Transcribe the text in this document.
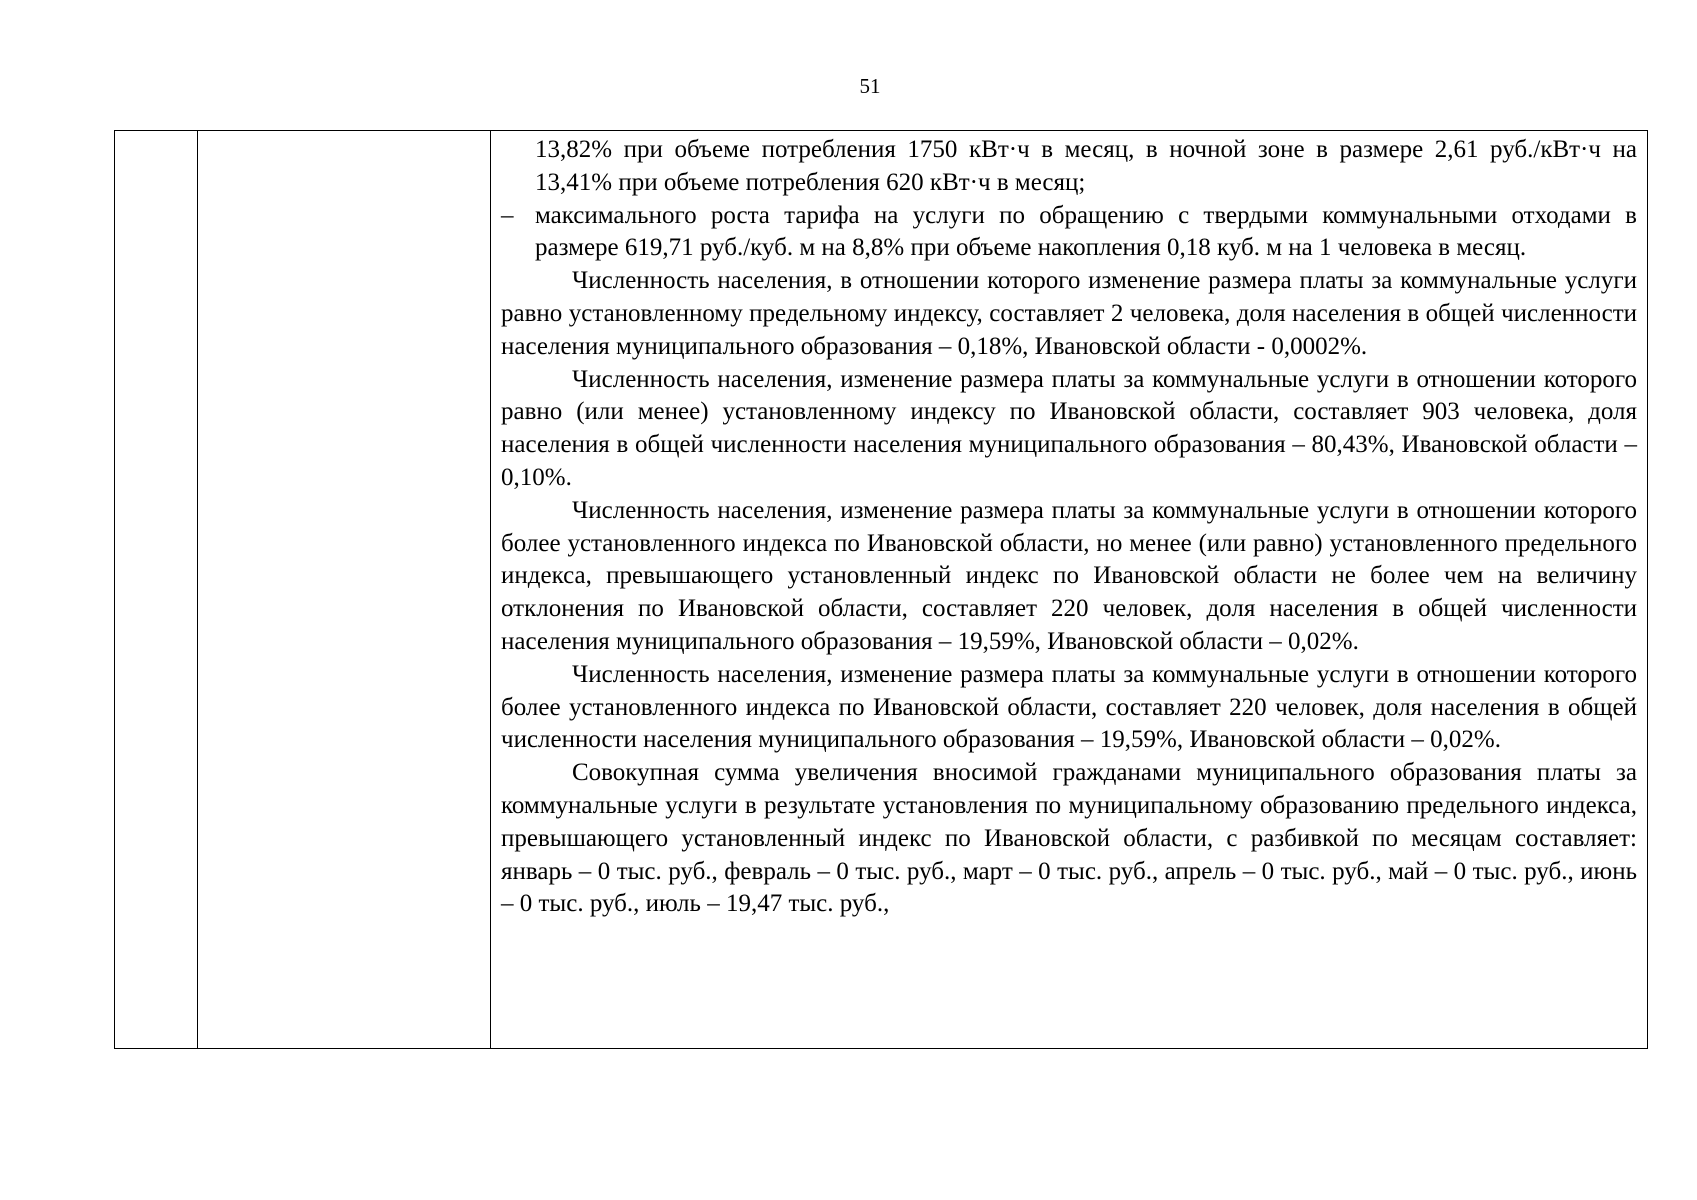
51

13,82% при объеме потребления 1750 кВт·ч в месяц, в ночной зоне в размере 2,61 руб./кВт·ч на 13,41% при объеме потребления 620 кВт·ч в месяц;

– максимального роста тарифа на услуги по обращению с твердыми коммунальными отходами в размере 619,71 руб./куб. м на 8,8% при объеме накопления 0,18 куб. м на 1 человека в месяц.

Численность населения, в отношении которого изменение размера платы за коммунальные услуги равно установленному предельному индексу, составляет 2 человека, доля населения в общей численности населения муниципального образования – 0,18%, Ивановской области - 0,0002%.

Численность населения, изменение размера платы за коммунальные услуги в отношении которого равно (или менее) установленному индексу по Ивановской области, составляет 903 человека, доля населения в общей численности населения муниципального образования – 80,43%, Ивановской области – 0,10%.

Численность населения, изменение размера платы за коммунальные услуги в отношении которого более установленного индекса по Ивановской области, но менее (или равно) установленного предельного индекса, превышающего установленный индекс по Ивановской области не более чем на величину отклонения по Ивановской области, составляет 220 человек, доля населения в общей численности населения муниципального образования – 19,59%, Ивановской области – 0,02%.

Численность населения, изменение размера платы за коммунальные услуги в отношении которого более установленного индекса по Ивановской области, составляет 220 человек, доля населения в общей численности населения муниципального образования – 19,59%, Ивановской области – 0,02%.

Совокупная сумма увеличения вносимой гражданами муниципального образования платы за коммунальные услуги в результате установления по муниципальному образованию предельного индекса, превышающего установленный индекс по Ивановской области, с разбивкой по месяцам составляет: январь – 0 тыс. руб., февраль – 0 тыс. руб., март – 0 тыс. руб., апрель – 0 тыс. руб., май – 0 тыс. руб., июнь – 0 тыс. руб., июль – 19,47 тыс. руб.,
